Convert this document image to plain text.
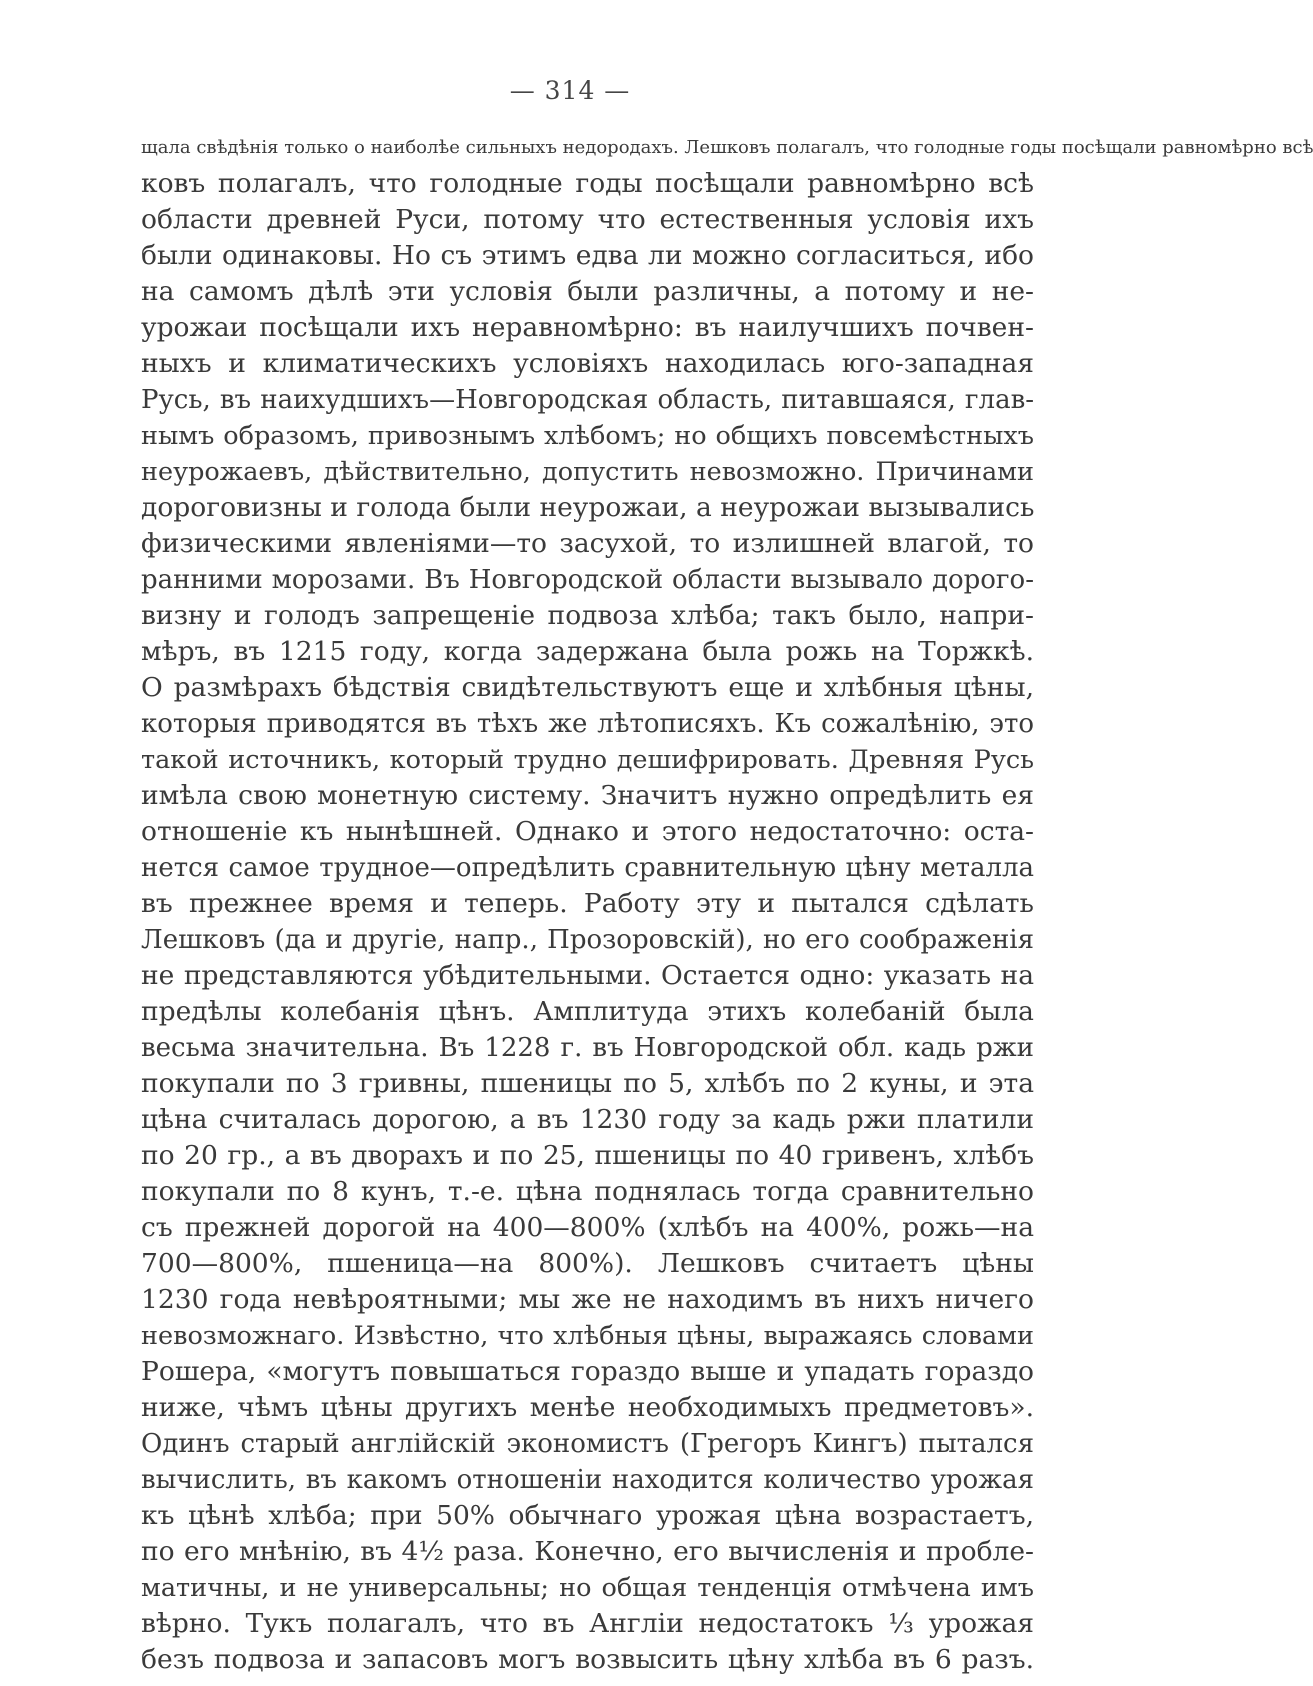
— 314 —
щала свѣдѣнія только о наиболѣе сильныхъ недородахъ. Лешковъ полагалъ, что голодные годы посѣщали равномѣрно всѣ
ковъ полагалъ, что голодные годы посѣщали равномѣрно всѣ
области древней Руси, потому что естественныя условія ихъ
были одинаковы. Но съ этимъ едва ли можно согласиться, ибо
на самомъ дѣлѣ эти условія были различны, а потому и не-
урожаи посѣщали ихъ неравномѣрно: въ наилучшихъ почвен-
ныхъ и климатическихъ условіяхъ находилась юго-западная
Русь, въ наихудшихъ—Новгородская область, питавшаяся, глав-
нымъ образомъ, привознымъ хлѣбомъ; но общихъ повсемѣстныхъ
неурожаевъ, дѣйствительно, допустить невозможно. Причинами
дороговизны и голода были неурожаи, а неурожаи вызывались
физическими явленіями—то засухой, то излишней влагой, то
ранними морозами. Въ Новгородской области вызывало дорого-
визну и голодъ запрещеніе подвоза хлѣба; такъ было, напри-
мѣръ, въ 1215 году, когда задержана была рожь на Торжкѣ.
О размѣрахъ бѣдствія свидѣтельствуютъ еще и хлѣбныя цѣны,
которыя приводятся въ тѣхъ же лѣтописяхъ. Къ сожалѣнію, это
такой источникъ, который трудно дешифрировать. Древняя Русь
имѣла свою монетную систему. Значитъ нужно опредѣлить ея
отношеніе къ нынѣшней. Однако и этого недостаточно: оста-
нется самое трудное—опредѣлить сравнительную цѣну металла
въ прежнее время и теперь. Работу эту и пытался сдѣлать
Лешковъ (да и другіе, напр., Прозоровскій), но его соображенія
не представляются убѣдительными. Остается одно: указать на
предѣлы колебанія цѣнъ. Амплитуда этихъ колебаній была
весьма значительна. Въ 1228 г. въ Новгородской обл. кадь ржи
покупали по 3 гривны, пшеницы по 5, хлѣбъ по 2 куны, и эта
цѣна считалась дорогою, а въ 1230 году за кадь ржи платили
по 20 гр., а въ дворахъ и по 25, пшеницы по 40 гривенъ, хлѣбъ
покупали по 8 кунъ, т.-е. цѣна поднялась тогда сравнительно
съ прежней дорогой на 400—800% (хлѣбъ на 400%, рожь—на
700—800%, пшеница—на 800%). Лешковъ считаетъ цѣны
1230 года невѣроятными; мы же не находимъ въ нихъ ничего
невозможнаго. Извѣстно, что хлѣбныя цѣны, выражаясь словами
Рошера, «могутъ повышаться гораздо выше и упадать гораздо
ниже, чѣмъ цѣны другихъ менѣе необходимыхъ предметовъ».
Одинъ старый англійскій экономистъ (Грегоръ Кингъ) пытался
вычислить, въ какомъ отношеніи находится количество урожая
къ цѣнѣ хлѣба; при 50% обычнаго урожая цѣна возрастаетъ,
по его мнѣнію, въ 4½ раза. Конечно, его вычисленія и пробле-
матичны, и не универсальны; но общая тенденція отмѣчена имъ
вѣрно. Тукъ полагалъ, что въ Англіи недостатокъ ⅓ урожая
безъ подвоза и запасовъ могъ возвысить цѣну хлѣба въ 6 разъ.
